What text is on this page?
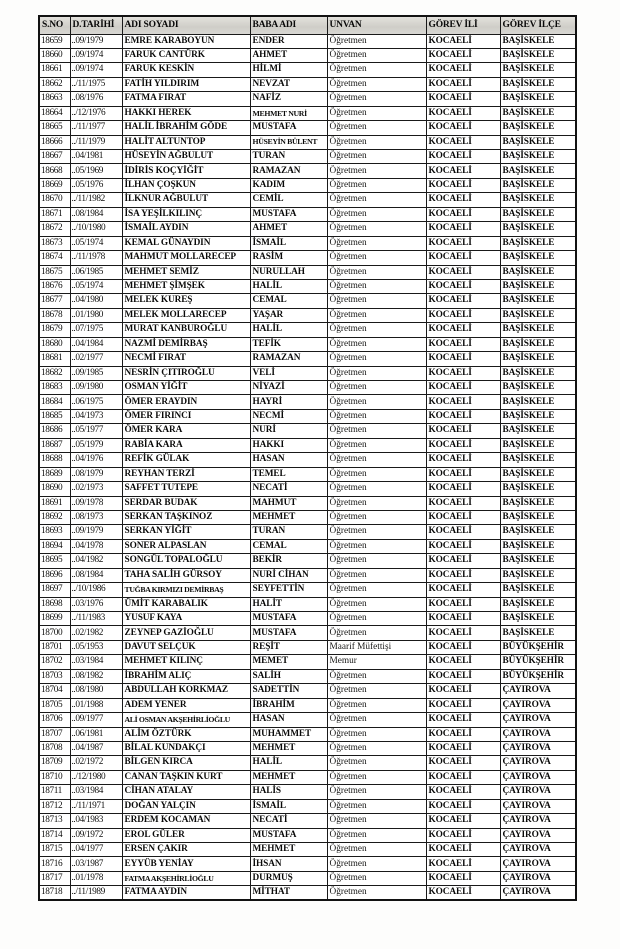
S.NO	D.TARİHİ	ADI SOYADI	BABA ADI	UNVAN	GÖREV İLİ	GÖREV İLÇE
18659	..09/1979	EMRE KARABOYUN	ENDER	Öğretmen	KOCAELİ	BAŞİSKELE
18660	..09/1974	FARUK CANTÜRK	AHMET	Öğretmen	KOCAELİ	BAŞİSKELE
18661	..09/1974	FARUK KESKİN	HİLMİ	Öğretmen	KOCAELİ	BAŞİSKELE
18662	../11/1975	FATİH YILDIRIM	NEVZAT	Öğretmen	KOCAELİ	BAŞİSKELE
18663	..08/1976	FATMA FIRAT	NAFİZ	Öğretmen	KOCAELİ	BAŞİSKELE
18664	../12/1976	HAKKI HEREK	MEHMET NURİ	Öğretmen	KOCAELİ	BAŞİSKELE
18665	../11/1977	HALİL İBRAHİM GÖDE	MUSTAFA	Öğretmen	KOCAELİ	BAŞİSKELE
18666	../11/1979	HALİT ALTUNTOP	HÜSEYİN BÜLENT	Öğretmen	KOCAELİ	BAŞİSKELE
18667	..04/1981	HÜSEYİN AĞBULUT	TURAN	Öğretmen	KOCAELİ	BAŞİSKELE
18668	..05/1969	İDİRİS KOÇYİĞİT	RAMAZAN	Öğretmen	KOCAELİ	BAŞİSKELE
18669	..05/1976	İLHAN ÇOŞKUN	KADIM	Öğretmen	KOCAELİ	BAŞİSKELE
18670	../11/1982	İLKNUR AĞBULUT	CEMİL	Öğretmen	KOCAELİ	BAŞİSKELE
18671	..08/1984	İSA YEŞİLKILINÇ	MUSTAFA	Öğretmen	KOCAELİ	BAŞİSKELE
18672	../10/1980	İSMAİL AYDIN	AHMET	Öğretmen	KOCAELİ	BAŞİSKELE
18673	..05/1974	KEMAL GÜNAYDIN	İSMAİL	Öğretmen	KOCAELİ	BAŞİSKELE
18674	../11/1978	MAHMUT MOLLARECEP	RASİM	Öğretmen	KOCAELİ	BAŞİSKELE
18675	..06/1985	MEHMET SEMİZ	NURULLAH	Öğretmen	KOCAELİ	BAŞİSKELE
18676	..05/1974	MEHMET ŞİMŞEK	HALİL	Öğretmen	KOCAELİ	BAŞİSKELE
18677	..04/1980	MELEK KUREŞ	CEMAL	Öğretmen	KOCAELİ	BAŞİSKELE
18678	..01/1980	MELEK MOLLARECEP	YAŞAR	Öğretmen	KOCAELİ	BAŞİSKELE
18679	..07/1975	MURAT KANBUROĞLU	HALİL	Öğretmen	KOCAELİ	BAŞİSKELE
18680	..04/1984	NAZMİ DEMİRBAŞ	TEFİK	Öğretmen	KOCAELİ	BAŞİSKELE
18681	..02/1977	NECMİ FIRAT	RAMAZAN	Öğretmen	KOCAELİ	BAŞİSKELE
18682	..09/1985	NESRİN ÇITIROĞLU	VELİ	Öğretmen	KOCAELİ	BAŞİSKELE
18683	..09/1980	OSMAN YİĞİT	NİYAZİ	Öğretmen	KOCAELİ	BAŞİSKELE
18684	..06/1975	ÖMER ERAYDIN	HAYRİ	Öğretmen	KOCAELİ	BAŞİSKELE
18685	..04/1973	ÖMER FIRINCI	NECMİ	Öğretmen	KOCAELİ	BAŞİSKELE
18686	..05/1977	ÖMER KARA	NURİ	Öğretmen	KOCAELİ	BAŞİSKELE
18687	..05/1979	RABİA KARA	HAKKI	Öğretmen	KOCAELİ	BAŞİSKELE
18688	..04/1976	REFİK GÜLAK	HASAN	Öğretmen	KOCAELİ	BAŞİSKELE
18689	..08/1979	REYHAN TERZİ	TEMEL	Öğretmen	KOCAELİ	BAŞİSKELE
18690	..02/1973	SAFFET TUTEPE	NECATİ	Öğretmen	KOCAELİ	BAŞİSKELE
18691	..09/1978	SERDAR BUDAK	MAHMUT	Öğretmen	KOCAELİ	BAŞİSKELE
18692	..08/1973	SERKAN TAŞKINOZ	MEHMET	Öğretmen	KOCAELİ	BAŞİSKELE
18693	..09/1979	SERKAN YİĞİT	TURAN	Öğretmen	KOCAELİ	BAŞİSKELE
18694	..04/1978	SONER ALPASLAN	CEMAL	Öğretmen	KOCAELİ	BAŞİSKELE
18695	..04/1982	SONGÜL TOPALOĞLU	BEKİR	Öğretmen	KOCAELİ	BAŞİSKELE
18696	..08/1984	TAHA SALİH GÜRSOY	NURİ CİHAN	Öğretmen	KOCAELİ	BAŞİSKELE
18697	../10/1986	TUĞBA KIRMIZI DEMİRBAŞ	SEYFETTİN	Öğretmen	KOCAELİ	BAŞİSKELE
18698	..03/1976	ÜMİT KARABALIK	HALİT	Öğretmen	KOCAELİ	BAŞİSKELE
18699	../11/1983	YUSUF KAYA	MUSTAFA	Öğretmen	KOCAELİ	BAŞİSKELE
18700	..02/1982	ZEYNEP GAZİOĞLU	MUSTAFA	Öğretmen	KOCAELİ	BAŞİSKELE
18701	..05/1953	DAVUT SELÇUK	REŞİT	Maarif Müfettişi	KOCAELİ	BÜYÜKŞEHİR
18702	..03/1984	MEHMET KILINÇ	MEMET	Memur	KOCAELİ	BÜYÜKŞEHİR
18703	..08/1982	İBRAHİM ALIÇ	SALİH	Öğretmen	KOCAELİ	BÜYÜKŞEHİR
18704	..08/1980	ABDULLAH KORKMAZ	SADETTİN	Öğretmen	KOCAELİ	ÇAYIROVA
18705	..01/1988	ADEM YENER	İBRAHİM	Öğretmen	KOCAELİ	ÇAYIROVA
18706	..09/1977	ALİ OSMAN AKŞEHİRLİOĞLU	HASAN	Öğretmen	KOCAELİ	ÇAYIROVA
18707	..06/1981	ALİM ÖZTÜRK	MUHAMMET	Öğretmen	KOCAELİ	ÇAYIROVA
18708	..04/1987	BİLAL KUNDAKÇI	MEHMET	Öğretmen	KOCAELİ	ÇAYIROVA
18709	..02/1972	BİLGEN KIRCA	HALİL	Öğretmen	KOCAELİ	ÇAYIROVA
18710	../12/1980	CANAN TAŞKIN KURT	MEHMET	Öğretmen	KOCAELİ	ÇAYIROVA
18711	..03/1984	CİHAN ATALAY	HALİS	Öğretmen	KOCAELİ	ÇAYIROVA
18712	../11/1971	DOĞAN YALÇIN	İSMAİL	Öğretmen	KOCAELİ	ÇAYIROVA
18713	..04/1983	ERDEM KOCAMAN	NECATİ	Öğretmen	KOCAELİ	ÇAYIROVA
18714	..09/1972	EROL GÜLER	MUSTAFA	Öğretmen	KOCAELİ	ÇAYIROVA
18715	..04/1977	ERSEN ÇAKIR	MEHMET	Öğretmen	KOCAELİ	ÇAYIROVA
18716	..03/1987	EYYÜB YENİAY	İHSAN	Öğretmen	KOCAELİ	ÇAYIROVA
18717	..01/1978	FATMA AKŞEHİRLİOĞLU	DURMUŞ	Öğretmen	KOCAELİ	ÇAYIROVA
18718	../11/1989	FATMA AYDIN	MİTHAT	Öğretmen	KOCAELİ	ÇAYIROVA
